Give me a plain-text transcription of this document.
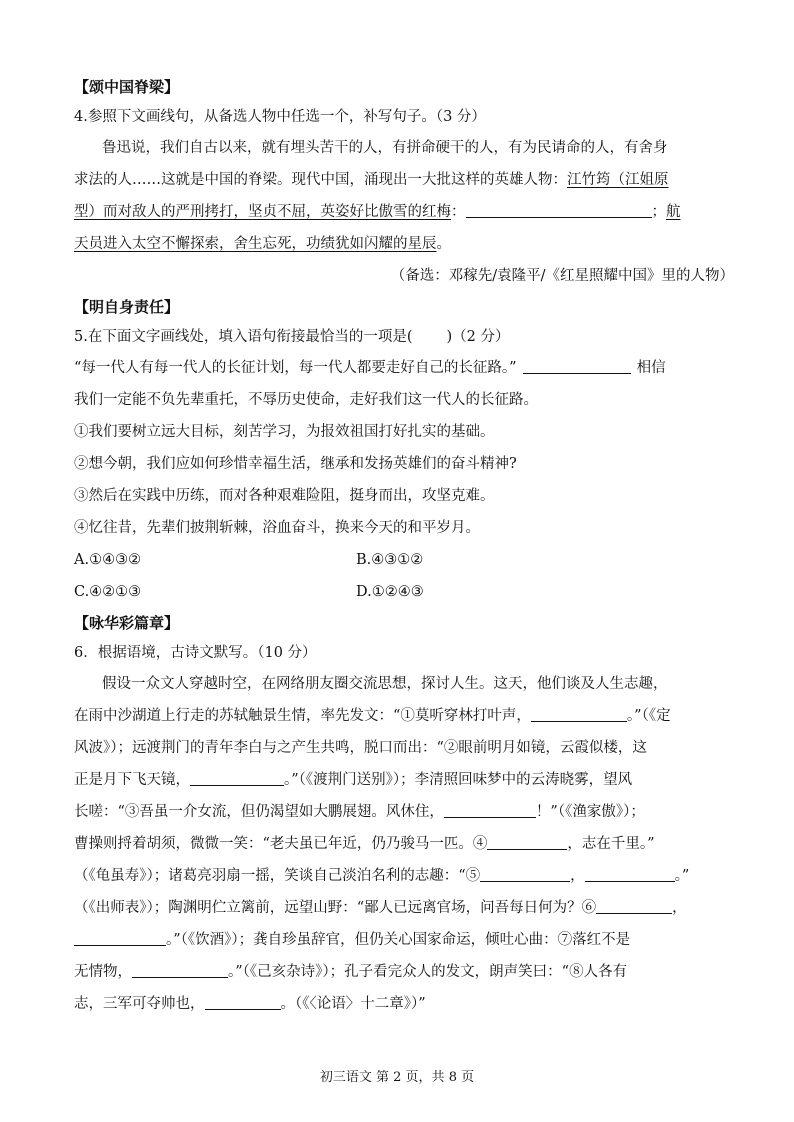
【颂中国脊梁】

4.参照下文画线句，从备选人物中任选一个，补写句子。（3 分）

鲁迅说，我们自古以来，就有埋头苦干的人，有拼命硬干的人，有为民请命的人，有舍身

求法的人……这就是中国的脊梁。现代中国，涌现出一大批这样的英雄人物：江竹筠（江姐原

型）而对敌人的严刑拷打，坚贞不屈，英姿好比傲雪的红梅：	；航

天员进入太空不懈探索，舍生忘死，功绩犹如闪耀的星辰。

（备选：邓稼先/袁隆平/《红星照耀中国》里的人物）

【明自身责任】

5.在下面文字画线处，填入语句衔接最恰当的一项是( )（2 分）

“每一代人有每一代人的长征计划，每一代人都要走好自己的长征路。”	相信

我们一定能不负先辈重托，不辱历史使命，走好我们这一代人的长征路。

①我们要树立远大目标，刻苦学习，为报效祖国打好扎实的基础。

②想今朝，我们应如何珍惜幸福生活，继承和发扬英雄们的奋斗精神?

③然后在实践中历练，而对各种艰难险阻，挺身而出，攻坚克难。

④忆往昔，先辈们披荆斩棘，浴血奋斗，换来今天的和平岁月。

A.①④③②	B.④③①②
C.④②①③	D.①②④③

【咏华彩篇章】

6．根据语境，古诗文默写。（10 分）

假设一众文人穿越时空，在网络朋友圈交流思想，探讨人生。这天，他们谈及人生志趣，

在雨中沙湖道上行走的苏轼触景生情，率先发文：“①莫听穿林打叶声，	。”（《定

风波》）；远渡荆门的青年李白与之产生共鸣，脱口而出：“②眼前明月如镜，云霞似楼，这

正是月下飞天镜，	。”（《渡荆门送别》）；李清照回味梦中的云涛晓雾，望风

长嗟：“③吾虽一介女流，但仍渴望如大鹏展翅。风休住，	！”（《渔家傲》）；

曹操则捋着胡须，微微一笑：“老夫虽已年近，仍乃骏马一匹。④	，志在千里。”

（《龟虽寿》）；诸葛亮羽扇一摇，笑谈自己淡泊名利的志趣：“⑤	，	。”

（《出师表》）；陶渊明伫立篱前，远望山野：“鄙人已远离官场，问吾每日何为？⑥	，

。”（《饮酒》）；龚自珍虽辞官，但仍关心国家命运，倾吐心曲：⑦落红不是

无情物，	。”（《己亥杂诗》）；孔子看完众人的发文，朗声笑曰：“⑧人各有

志，三军可夺帅也，	。（《〈论语〉十二章》）”

初三语文 第 2 页，共 8 页
